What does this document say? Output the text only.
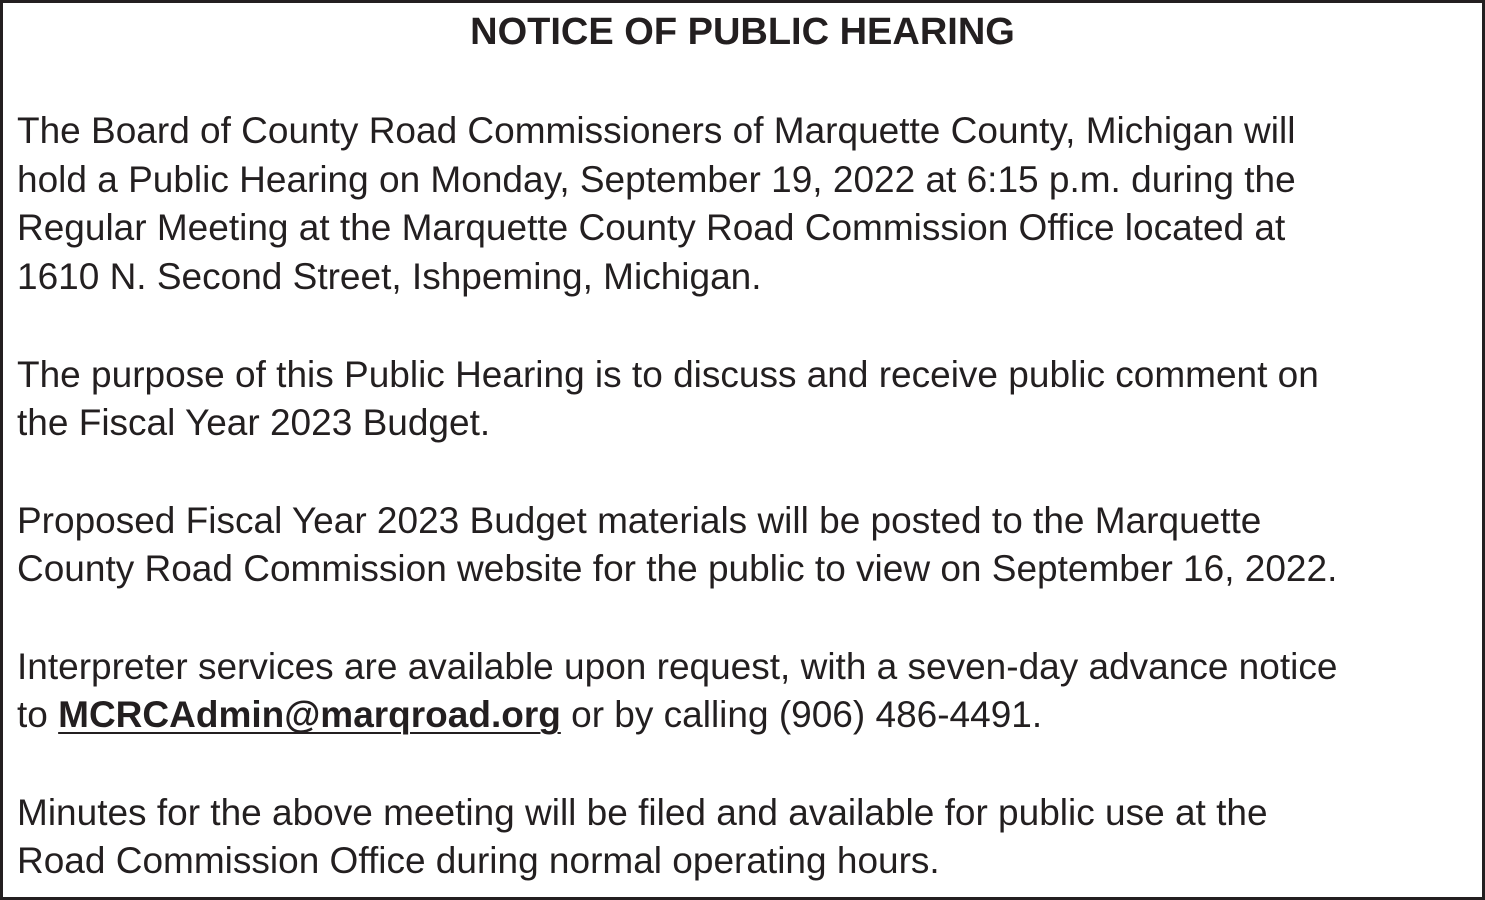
NOTICE OF PUBLIC HEARING

The Board of County Road Commissioners of Marquette County, Michigan will
hold a Public Hearing on Monday, September 19, 2022 at 6:15 p.m. during the
Regular Meeting at the Marquette County Road Commission Office located at
1610 N. Second Street, Ishpeming, Michigan.

The purpose of this Public Hearing is to discuss and receive public comment on
the Fiscal Year 2023 Budget.

Proposed Fiscal Year 2023 Budget materials will be posted to the Marquette
County Road Commission website for the public to view on September 16, 2022.

Interpreter services are available upon request, with a seven-day advance notice
to MCRCAdmin@marqroad.org or by calling (906) 486-4491.

Minutes for the above meeting will be filed and available for public use at the
Road Commission Office during normal operating hours.
